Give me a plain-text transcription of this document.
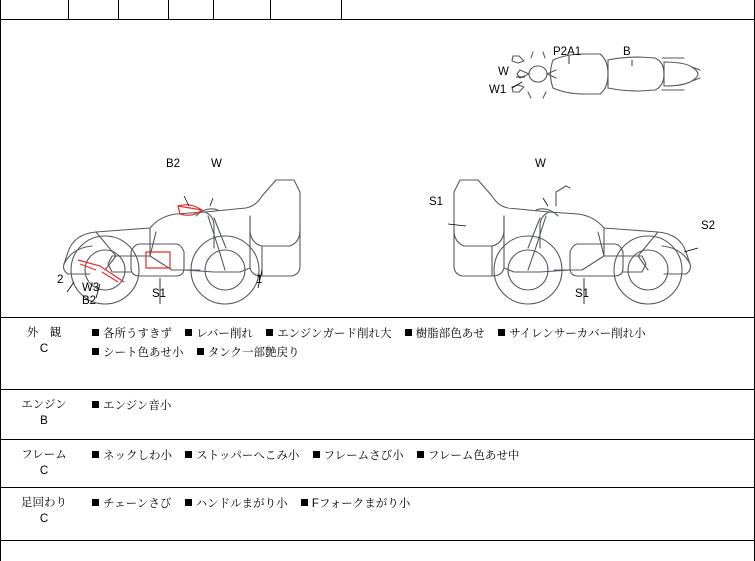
W
W1
P2A1	B
B2	W
2
W3
B2
S1
1
W
S1
S2
S1
外　観
C
各所うすきず レバー削れ エンジンガード削れ大 樹脂部色あせ サイレンサーカバー削れ小
シート色あせ小 タンク一部艶戻り
エンジン
B
エンジン音小
フレーム
C
ネックしわ小 ストッパーへこみ小 フレームさび小 フレーム色あせ中
足回わり
C
チェーンさび ハンドルまがり小 Fフォークまがり小
